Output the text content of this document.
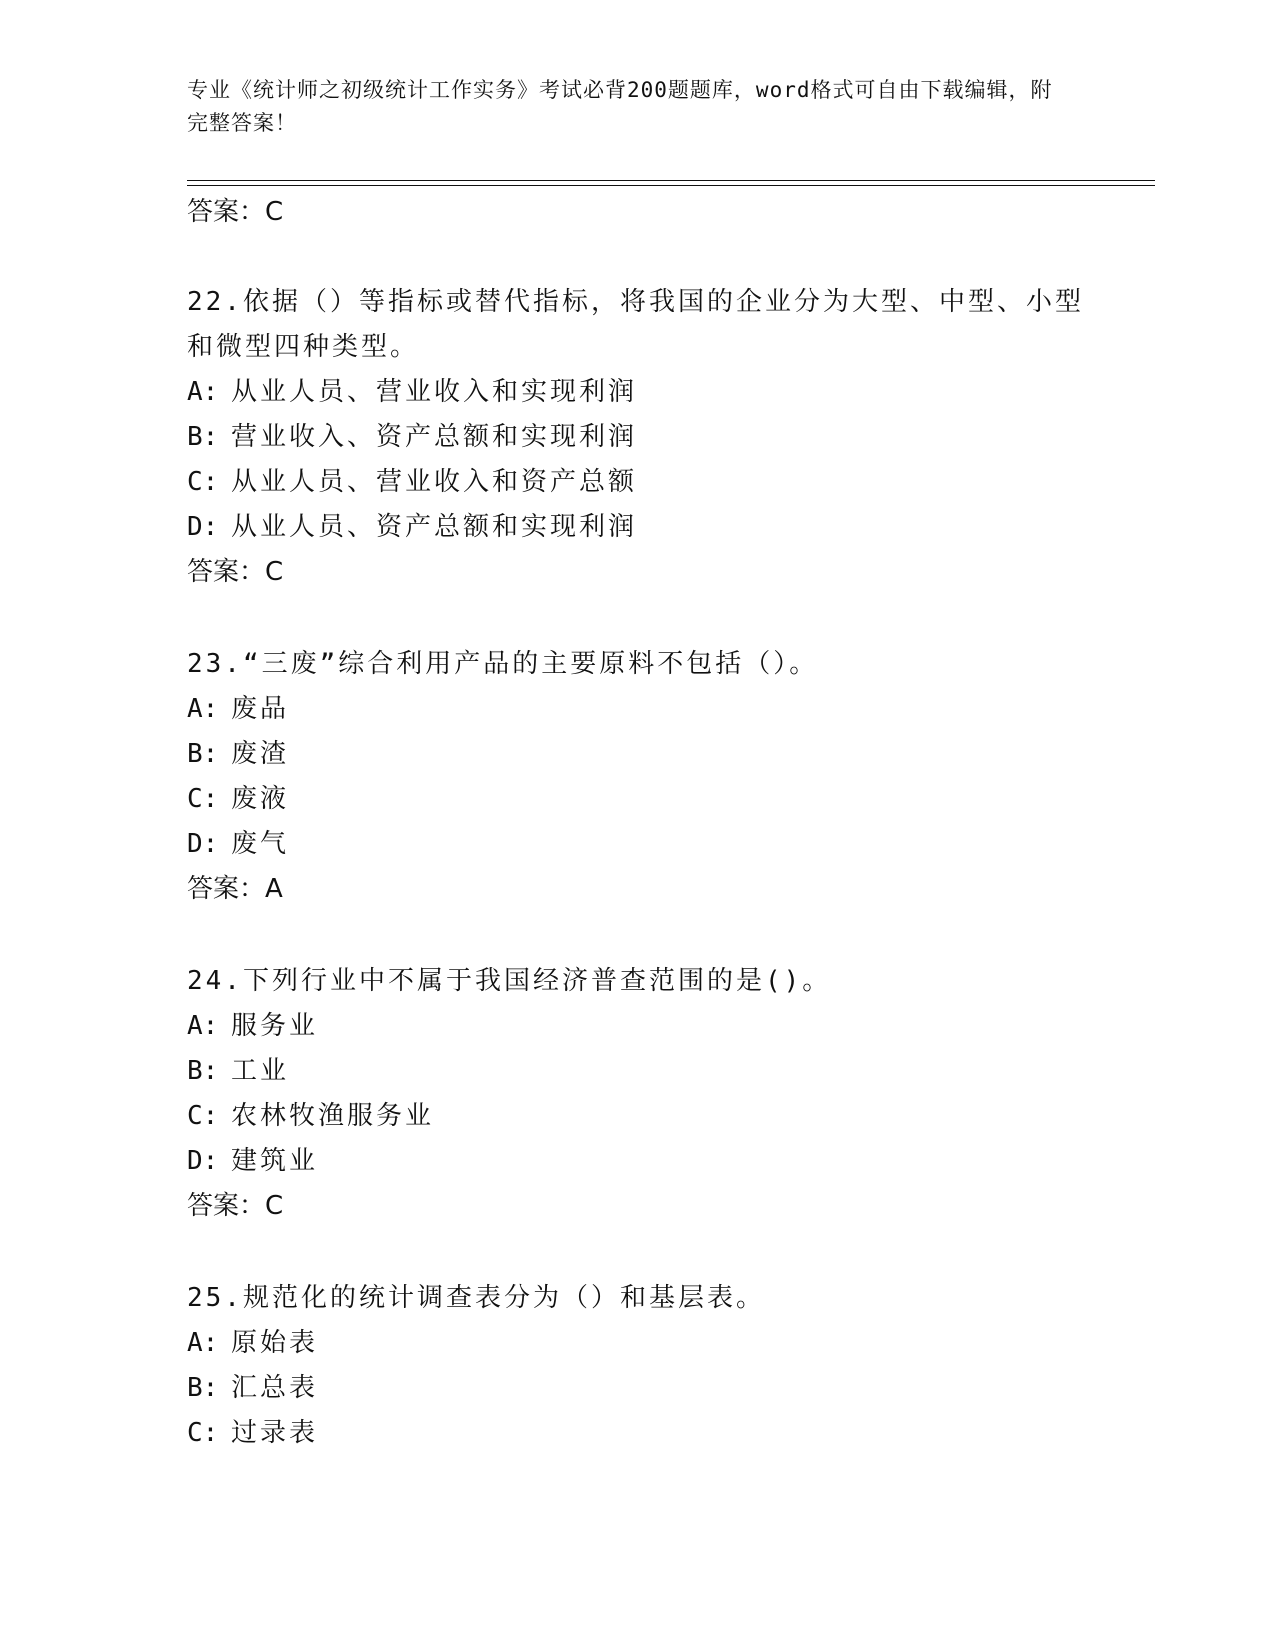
专业《统计师之初级统计工作实务》考试必背200题题库，word格式可自由下载编辑，附完整答案！
答案：C
22.依据（）等指标或替代指标，将我国的企业分为大型、中型、小型和微型四种类型。
A: 从业人员、营业收入和实现利润
B: 营业收入、资产总额和实现利润
C: 从业人员、营业收入和资产总额
D: 从业人员、资产总额和实现利润
答案：C
23.“三废”综合利用产品的主要原料不包括（）。
A: 废品
B: 废渣
C: 废液
D: 废气
答案：A
24.下列行业中不属于我国经济普查范围的是()。
A: 服务业
B: 工业
C: 农林牧渔服务业
D: 建筑业
答案：C
25.规范化的统计调查表分为（）和基层表。
A: 原始表
B: 汇总表
C: 过录表
